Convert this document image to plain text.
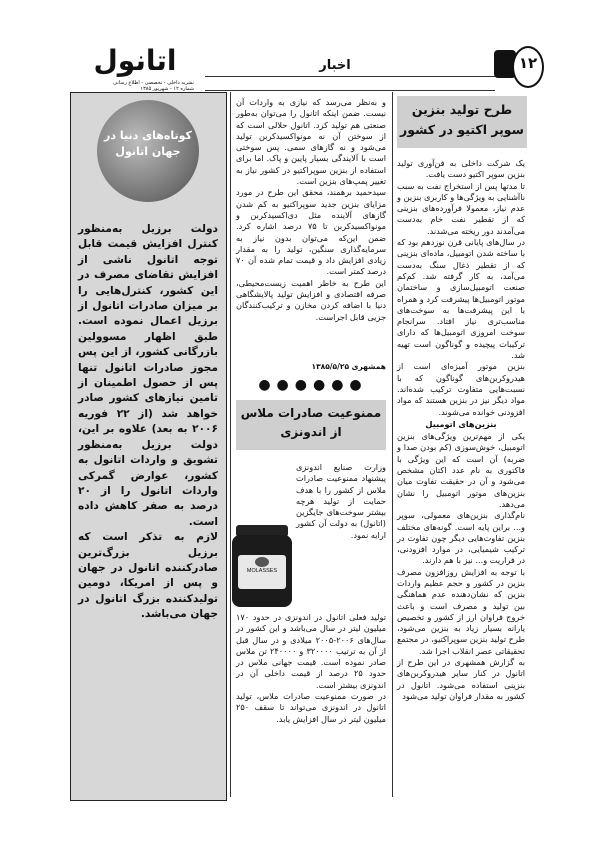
اتانول
نشریه داخلی - تخصصی - اطلاع رسانی
شماره ۱۲ - شهریور ۱۳۸۵
اخبار	۱۲
طرح تولید بنزین سوپر اکتیو در کشور

یک شرکت داخلی به فن‌آوری تولید بنزین سوپر اکتیو دست یافت.

تا مدتها پس از استخراج نفت به سبب ناآشنایی به ویژگی‌ها و کاربری بنزین و عدم نیاز، معمولا فرآورده‌های بنزینی که از تقطیر نفت خام به‌دست می‌آمدند دور ریخته می‌شدند.

در سال‌های پایانی قرن نوزدهم بود که با ساخته شدن اتومبیل، ماده‌ای بنزینی که از تقطیر ذغال سنگ به‌دست می‌آمد، به کار گرفته شد. کم‌کم صنعت اتومبیل‌سازی و ساختمان موتور اتومبیل‌ها پیشرفت کرد و همراه با این پیشرفت‌ها به سوخت‌های مناسب‌تری نیاز افتاد. سرانجام سوخت امروزی اتومبیل‌ها که دارای ترکیبات پیچیده و گوناگون است تهیه شد.

بنزین موتور آمیزه‌ای است از هیدروکربن‌های گوناگون که با نسبت‌هایی متفاوت ترکیب شده‌اند. مواد دیگر نیز در بنزین هستند که مواد افزودنی خوانده می‌شوند.

بنزین‌های اتومبیل

یکی از مهم‌ترین ویژگی‌های بنزین اتومبیل، خوش‌سوزی (کم بودن صدا و ضربه) آن است که این ویژگی با فاکتوری به نام عدد اکتان مشخص می‌شود و آن در حقیقت تفاوت میان بنزین‌های موتور اتومبیل را نشان می‌دهد.

نام‌گذاری بنزین‌های معمولی، سوپر و... براین پایه است. گونه‌های مختلف بنزین تفاوت‌هایی دیگر چون تفاوت در ترکیب شیمیایی، در موارد افزودنی، در فراریت و... نیز با هم دارند.

با توجه به افزایش روزافزون مصرف بنزین در کشور و حجم عظیم واردات بنزین که نشان‌دهنده عدم هماهنگی بین تولید و مصرف است و باعث خروج فراوان ارز از کشور و تخصیص یارانه بسیار زیاد به بنزین می‌شود، طرح تولید بنزین سوپراکتیو، در مجتمع تحقیقاتی عصر انقلاب اجرا شد.

به گزارش همشهری در این طرح از اتانول در کنار سایر هیدروکربن‌های بنزینی استفاده می‌شود. اتانول در کشور به مقدار فراوان تولید می‌شود

و به‌نظر می‌رسد که نیازی به واردات آن نیست. ضمن اینکه اتانول را می‌توان به‌طور صنعتی هم تولید کرد. اتانول حلالی است که از سوختن آن نه مونواکسیدکربن تولید می‌شود و نه گازهای سمی. پس سوختی است با آلایندگی بسیار پایین و پاک. اما برای استفاده از بنزین سوپراکتیو در کشور نیاز به تغییر پمپ‌های بنزین است.

سید‌حمید برهمند، محقق این طرح در مورد مزایای بنزین جدید سوپراکتیو به کم شدن گازهای آلاینده مثل دی‌اکسیدکربن و مونواکسیدکربن تا ۷۵ درصد اشاره کرد. ضمن این‌که می‌توان بدون نیاز به سرمایه‌گذاری سنگین، تولید را به مقدار زیادی افزایش داد و قیمت تمام شده آن ۷۰ درصد کمتر است.

این طرح به خاطر اهمیت زیست‌محیطی، صرفه اقتصادی و افزایش تولید پالایشگاهی دنیا با اضافه کردن مخازن و ترکیب‌کنندگان جزیی قابل اجراست.

همشهری ۱۳۸۵/۵/۲۵
●●●●●●
ممنوعیت صادرات ملاس از اندونزی

وزارت صنایع اندونزی پیشنهاد ممنوعیت صادرات ملاس از کشور را با هدف حمایت از تولید هرچه بیشتر سوخت‌های جایگزین (اتانول) به دولت آن کشور ارایه نمود.

MOLASSES

تولید فعلی اتانول در اندونزی در حدود ۱۷۰ میلیون لیتر در سال می‌باشد و این کشور در سال‌های ۲۰۰۶-۲۰۰۵ میلادی و در سال قبل از آن به ترتیب ۳۲۰۰۰۰ و ۲۴۰۰۰۰ تن ملاس صادر نموده است. قیمت جهانی ملاس در حدود ۲۵ درصد از قیمت داخلی آن در اندونزی بیشتر است.

در صورت ممنوعیت صادرات ملاس، تولید اتانول در اندونزی می‌تواند تا سقف ۲۵۰ میلیون لیتر در سال افزایش یابد.

کوتاه‌های دنیا در جهان اتانول

دولت برزیل به‌منظور کنترل افزایش قیمت قابل توجه اتانول ناشی از افزایش تقاضای مصرف در این کشور، کنترل‌هایی را بر میزان صادرات اتانول از برزیل اعمال نموده است. طبق اظهار مسوولین بازرگانی کشور، از این پس مجوز صادرات اتانول تنها پس از حصول اطمینان از تامین نیازهای کشور صادر خواهد شد (از ۲۲ فوریه ۲۰۰۶ به بعد) علاوه بر این، دولت برزیل به‌منظور تشویق و واردات اتانول به کشور، عوارض گمرکی واردات اتانول را از ۲۰ درصد به صفر کاهش داده است.

لازم به تذکر است که برزیل بزرگ‌ترین صادرکننده اتانول در جهان و پس از امریکا، دومین تولیدکننده بزرگ اتانول در جهان می‌باشد.
